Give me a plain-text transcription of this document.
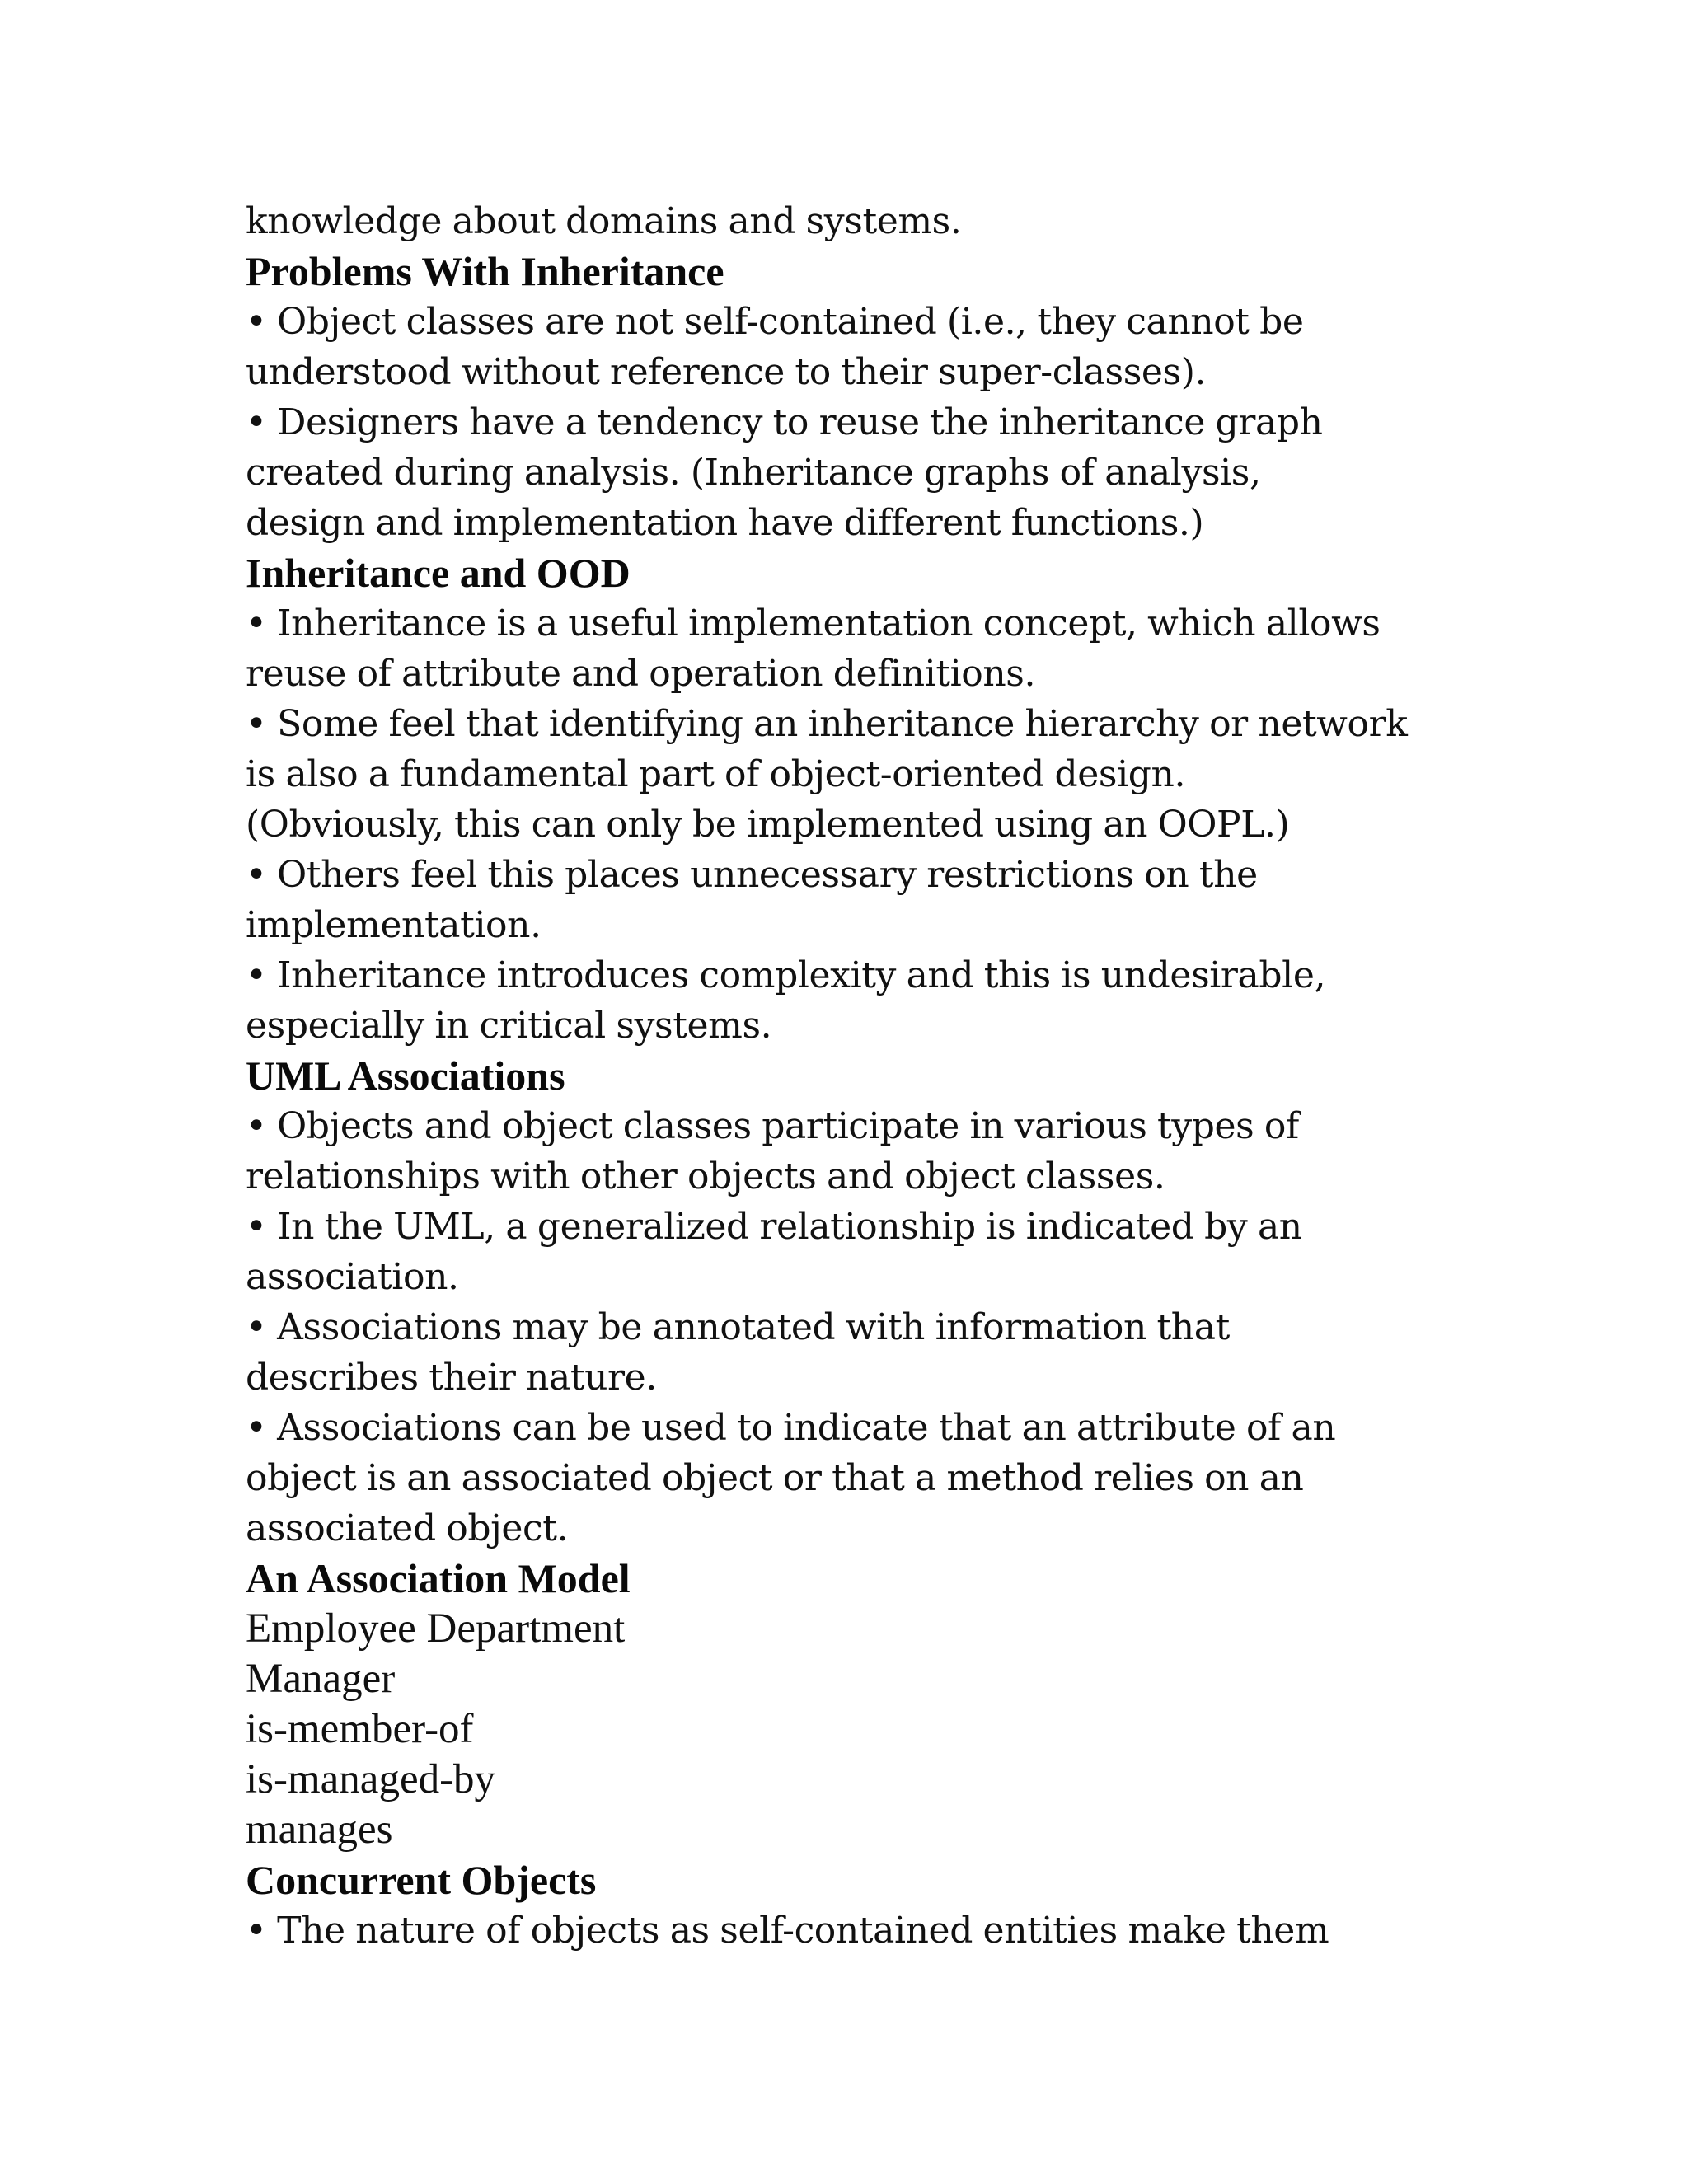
knowledge about domains and systems.
Problems With Inheritance
• Object classes are not self-contained (i.e., they cannot be
understood without reference to their super-classes).
• Designers have a tendency to reuse the inheritance graph
created during analysis. (Inheritance graphs of analysis,
design and implementation have different functions.)
Inheritance and OOD
• Inheritance is a useful implementation concept, which allows
reuse of attribute and operation definitions.
• Some feel that identifying an inheritance hierarchy or network
is also a fundamental part of object-oriented design.
(Obviously, this can only be implemented using an OOPL.)
• Others feel this places unnecessary restrictions on the
implementation.
• Inheritance introduces complexity and this is undesirable,
especially in critical systems.
UML Associations
• Objects and object classes participate in various types of
relationships with other objects and object classes.
• In the UML, a generalized relationship is indicated by an
association.
• Associations may be annotated with information that
describes their nature.
• Associations can be used to indicate that an attribute of an
object is an associated object or that a method relies on an
associated object.
An Association Model
Employee Department
Manager
is-member-of
is-managed-by
manages
Concurrent Objects
• The nature of objects as self-contained entities make them
